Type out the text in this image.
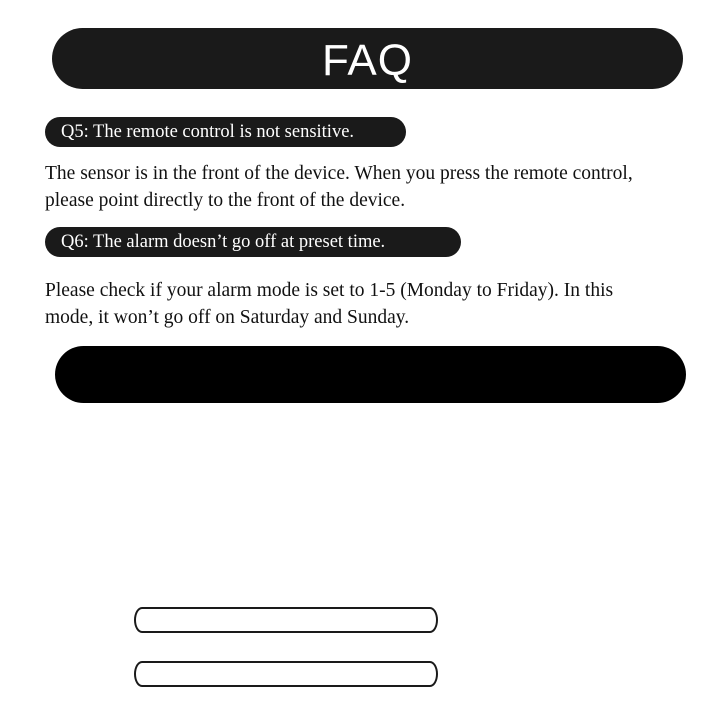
FAQ
Q5: The remote control is not sensitive.
The sensor is in the front of the device. When you press the remote control,
please point directly to the front of the device.
Q6: The alarm doesn’t go off at preset time.
Please check if your alarm mode is set to 1-5 (Monday to Friday). In this
mode, it won’t go off on Saturday and Sunday.
